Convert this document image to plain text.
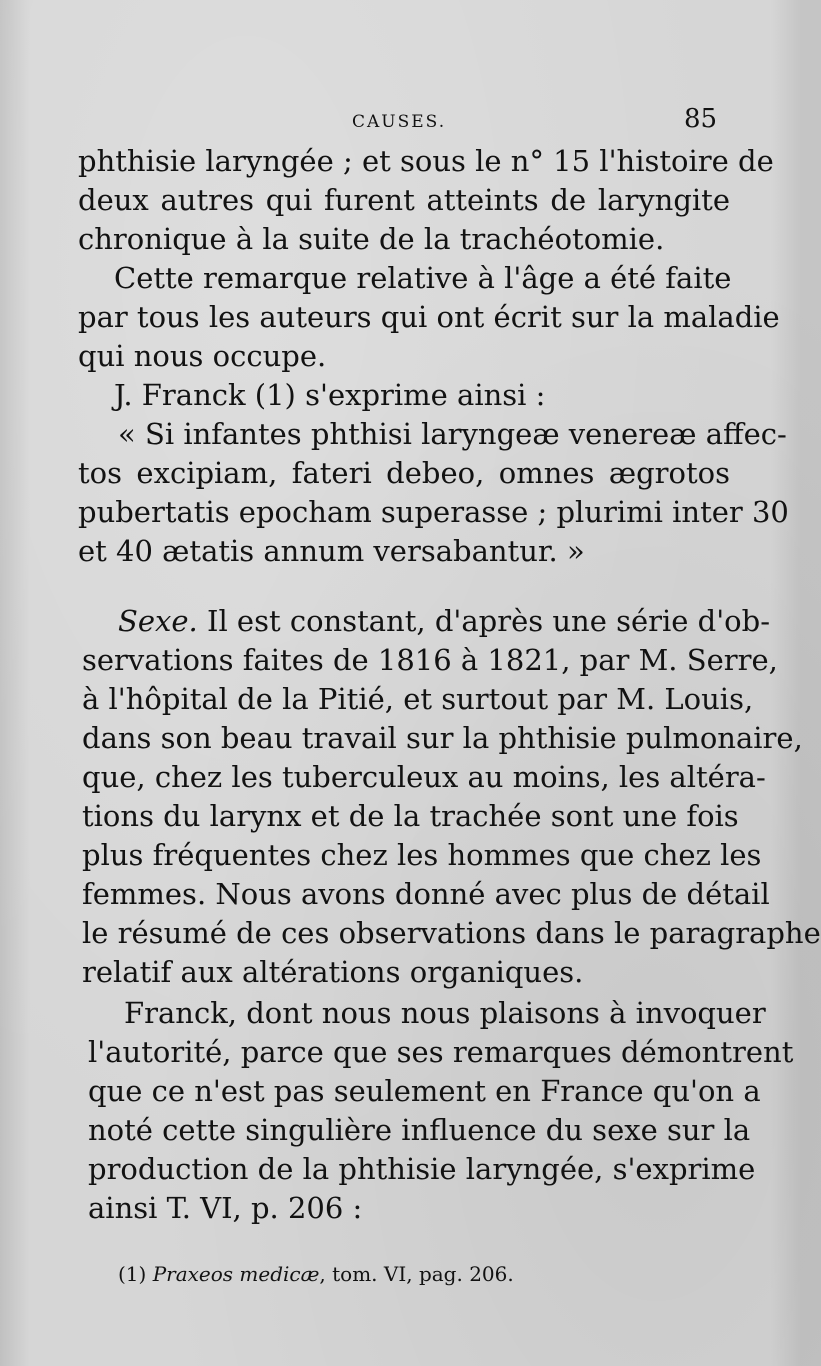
CAUSES.	85
phthisie laryngée ; et sous le n° 15 l'histoire de
deux autres qui furent atteints de laryngite
chronique à la suite de la trachéotomie.
Cette remarque relative à l'âge a été faite
par tous les auteurs qui ont écrit sur la maladie
qui nous occupe.
J. Franck (1) s'exprime ainsi :
« Si infantes phthisi laryngeæ venereæ affec-
tos excipiam, fateri debeo, omnes ægrotos
pubertatis epocham superasse ; plurimi inter 30
et 40 ætatis annum versabantur. »
Sexe. Il est constant, d'après une série d'ob-
servations faites de 1816 à 1821, par M. Serre,
à l'hôpital de la Pitié, et surtout par M. Louis,
dans son beau travail sur la phthisie pulmonaire,
que, chez les tuberculeux au moins, les altéra-
tions du larynx et de la trachée sont une fois
plus fréquentes chez les hommes que chez les
femmes. Nous avons donné avec plus de détail
le résumé de ces observations dans le paragraphe
relatif aux altérations organiques.
Franck, dont nous nous plaisons à invoquer
l'autorité, parce que ses remarques démontrent
que ce n'est pas seulement en France qu'on a
noté cette singulière influence du sexe sur la
production de la phthisie laryngée, s'exprime
ainsi T. VI, p. 206 :
(1) Praxeos medicæ, tom. VI, pag. 206.
